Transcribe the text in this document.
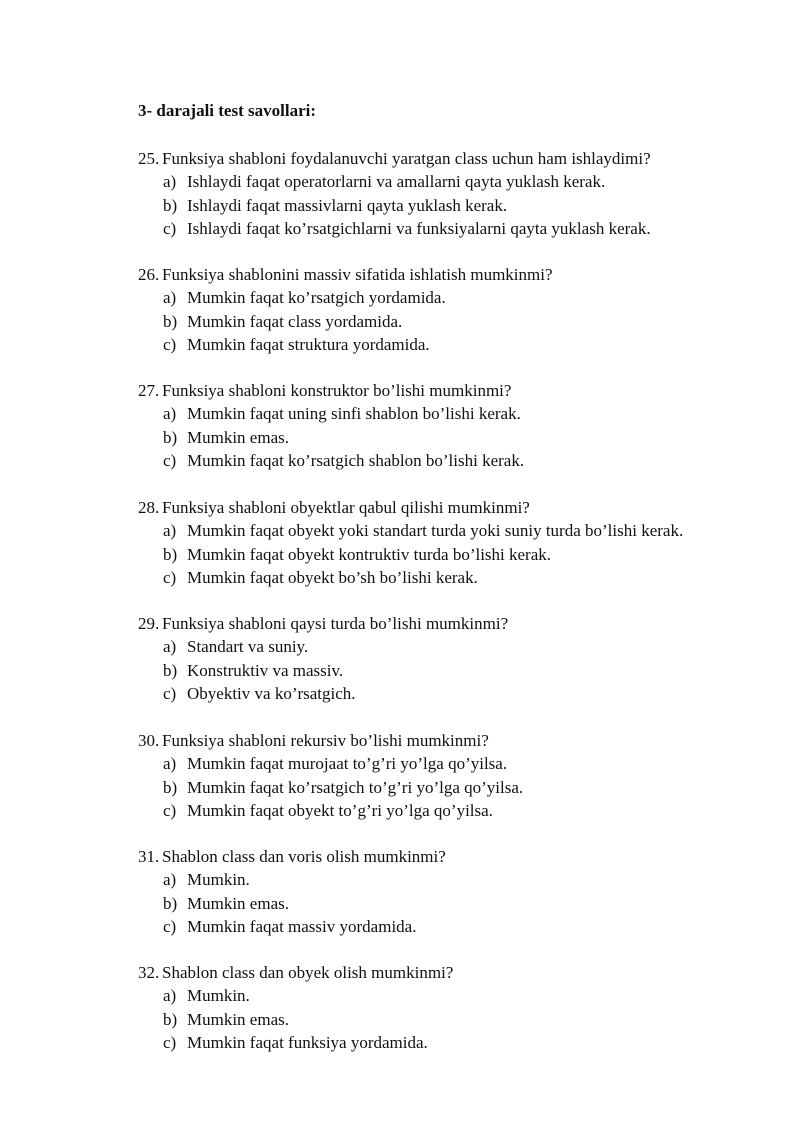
3- darajali test savollari:
25. Funksiya shabloni foydalanuvchi yaratgan class uchun ham ishlaydimi?
a) Ishlaydi faqat operatorlarni va amallarni qayta yuklash kerak.
b) Ishlaydi faqat massivlarni qayta yuklash kerak.
c) Ishlaydi faqat ko’rsatgichlarni va funksiyalarni qayta yuklash kerak.
26. Funksiya shablonini massiv sifatida ishlatish mumkinmi?
a) Mumkin faqat ko’rsatgich yordamida.
b) Mumkin faqat class yordamida.
c) Mumkin faqat struktura yordamida.
27. Funksiya shabloni konstruktor bo’lishi mumkinmi?
a) Mumkin faqat uning sinfi shablon bo’lishi kerak.
b) Mumkin emas.
c) Mumkin faqat ko’rsatgich shablon bo’lishi kerak.
28. Funksiya shabloni obyektlar qabul qilishi mumkinmi?
a) Mumkin faqat obyekt yoki standart turda yoki suniy turda bo’lishi kerak.
b) Mumkin faqat obyekt kontruktiv turda bo’lishi kerak.
c) Mumkin faqat obyekt bo’sh bo’lishi kerak.
29. Funksiya shabloni qaysi turda bo’lishi mumkinmi?
a) Standart va suniy.
b) Konstruktiv va massiv.
c) Obyektiv va ko’rsatgich.
30. Funksiya shabloni rekursiv bo’lishi mumkinmi?
a) Mumkin faqat murojaat to’g’ri yo’lga qo’yilsa.
b) Mumkin faqat ko’rsatgich to’g’ri yo’lga qo’yilsa.
c) Mumkin faqat obyekt to’g’ri yo’lga qo’yilsa.
31. Shablon class dan voris olish mumkinmi?
a) Mumkin.
b) Mumkin emas.
c) Mumkin faqat massiv yordamida.
32. Shablon class dan obyek olish mumkinmi?
a) Mumkin.
b) Mumkin emas.
c) Mumkin faqat funksiya yordamida.
